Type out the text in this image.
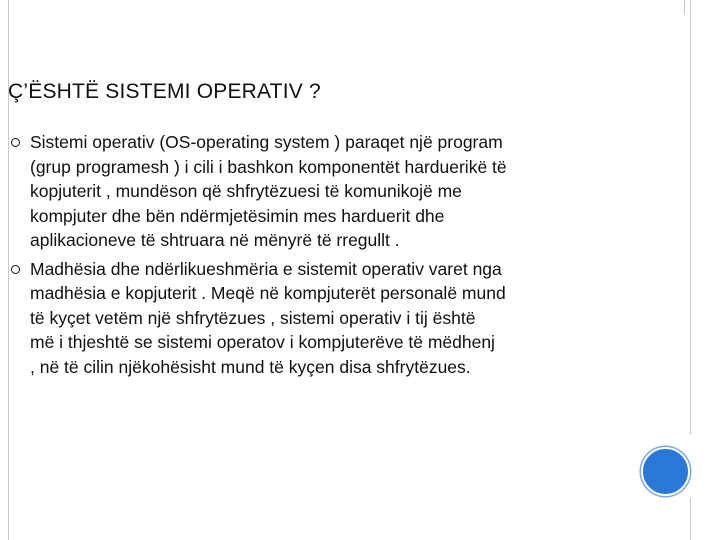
Ç’ËSHTË SISTEMI OPERATIV ?
Sistemi operativ (OS-operating system ) paraqet një program
(grup programesh ) i cili i bashkon komponentët harduerikë të
kopjuterit , mundëson që shfrytëzuesi të komunikojë me
kompjuter dhe bën ndërmjetësimin mes harduerit dhe
aplikacioneve të shtruara në mënyrë të rregullt .
Madhësia dhe ndërlikueshmëria e sistemit operativ varet nga
madhësia e kopjuterit . Meqë në kompjuterët personalë mund
të kyçet vetëm një shfrytëzues , sistemi operativ i tij është
më i thjeshtë se sistemi operatov i kompjuterëve të mëdhenj
, në të cilin njëkohësisht mund të kyçen disa shfrytëzues.
